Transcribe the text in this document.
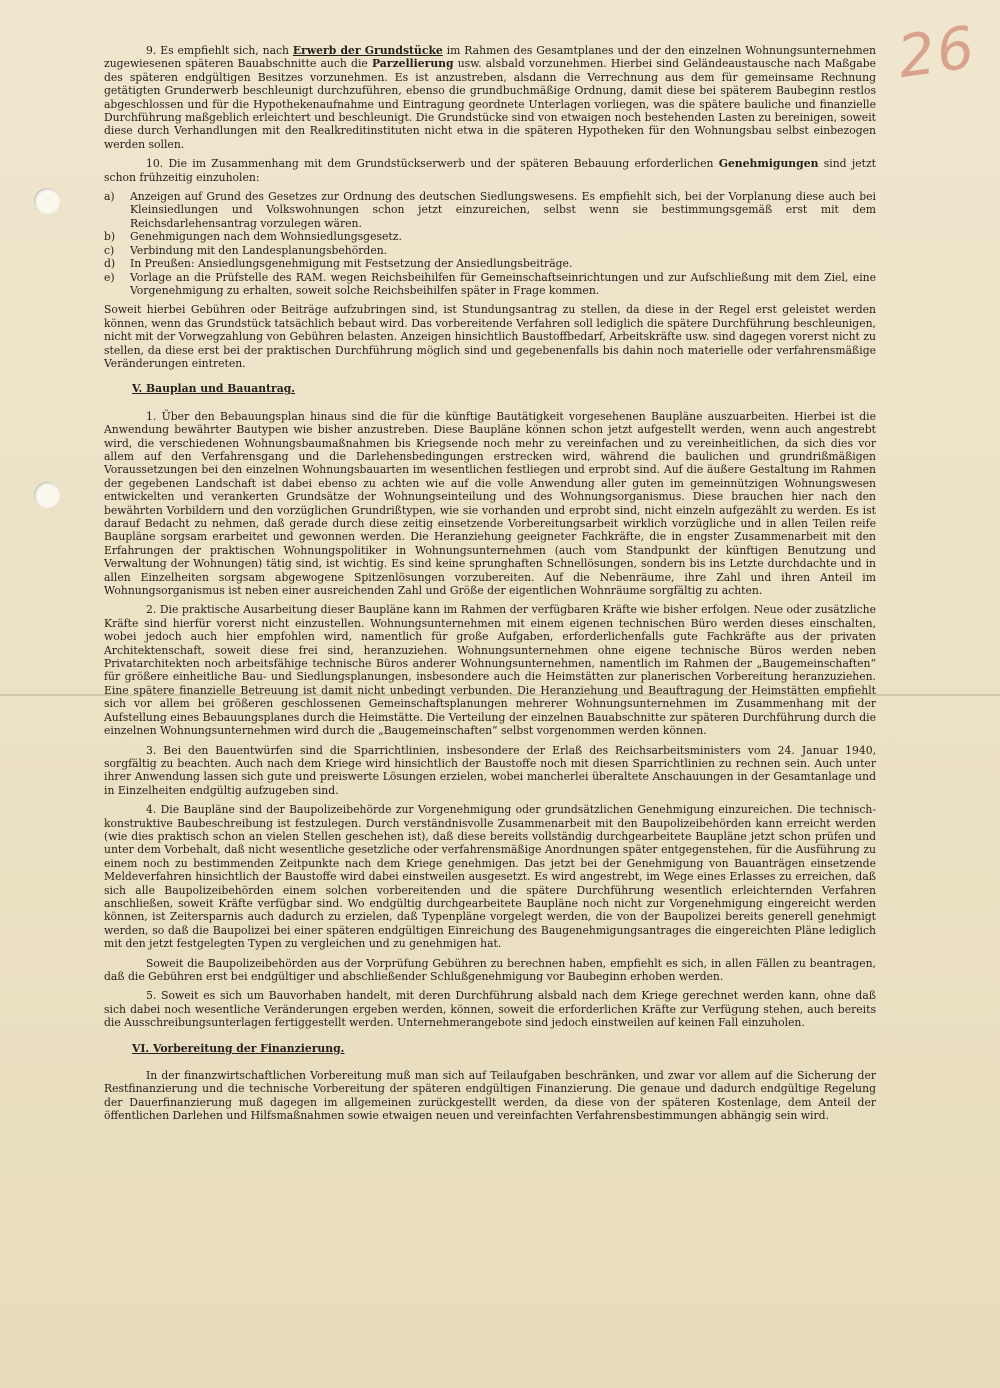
26

9. Es empfiehlt sich, nach Erwerb der Grundstücke im Rahmen des Gesamtplanes und der den einzelnen Wohnungsunternehmen zugewiesenen späteren Bauabschnitte auch die Parzellierung usw. alsbald vorzunehmen. Hierbei sind Geländeaustausche nach Maßgabe des späteren endgültigen Besitzes vorzunehmen. Es ist anzustreben, alsdann die Verrechnung aus dem für gemeinsame Rechnung getätigten Grunderwerb beschleunigt durchzuführen, ebenso die grundbuchmäßige Ordnung, damit diese bei späterem Baubeginn restlos abgeschlossen und für die Hypothekenaufnahme und Eintragung geordnete Unterlagen vorliegen, was die spätere bauliche und finanzielle Durchführung maßgeblich erleichtert und beschleunigt. Die Grundstücke sind von etwaigen noch bestehenden Lasten zu bereinigen, soweit diese durch Verhandlungen mit den Realkreditinstituten nicht etwa in die späteren Hypotheken für den Wohnungsbau selbst einbezogen werden sollen.

10. Die im Zusammenhang mit dem Grundstückserwerb und der späteren Bebauung erforderlichen Genehmigungen sind jetzt schon frühzeitig einzuholen:

a) Anzeigen auf Grund des Gesetzes zur Ordnung des deutschen Siedlungswesens. Es empfiehlt sich, bei der Vorplanung diese auch bei Kleinsiedlungen und Volkswohnungen schon jetzt einzureichen, selbst wenn sie bestimmungsgemäß erst mit dem Reichsdarlehensantrag vorzulegen wären.
b) Genehmigungen nach dem Wohnsiedlungsgesetz.
c) Verbindung mit den Landesplanungsbehörden.
d) In Preußen: Ansiedlungsgenehmigung mit Festsetzung der Ansiedlungsbeiträge.
e) Vorlage an die Prüfstelle des RAM. wegen Reichsbeihilfen für Gemeinschaftseinrichtungen und zur Aufschließung mit dem Ziel, eine Vorgenehmigung zu erhalten, soweit solche Reichsbeihilfen später in Frage kommen.

Soweit hierbei Gebühren oder Beiträge aufzubringen sind, ist Stundungsantrag zu stellen, da diese in der Regel erst geleistet werden können, wenn das Grundstück tatsächlich bebaut wird. Das vorbereitende Verfahren soll lediglich die spätere Durchführung beschleunigen, nicht mit der Vorwegzahlung von Gebühren belasten. Anzeigen hinsichtlich Baustoffbedarf, Arbeitskräfte usw. sind dagegen vorerst nicht zu stellen, da diese erst bei der praktischen Durchführung möglich sind und gegebenenfalls bis dahin noch materielle oder verfahrensmäßige Veränderungen eintreten.

V. Bauplan und Bauantrag.

1. Über den Bebauungsplan hinaus sind die für die künftige Bautätigkeit vorgesehenen Baupläne auszuarbeiten. Hierbei ist die Anwendung bewährter Bautypen wie bisher anzustreben. Diese Baupläne können schon jetzt aufgestellt werden, wenn auch angestrebt wird, die verschiedenen Wohnungsbaumaßnahmen bis Kriegsende noch mehr zu vereinfachen und zu vereinheitlichen, da sich dies vor allem auf den Verfahrensgang und die Darlehensbedingungen erstrecken wird, während die baulichen und grundrißmäßigen Voraussetzungen bei den einzelnen Wohnungsbauarten im wesentlichen festliegen und erprobt sind. Auf die äußere Gestaltung im Rahmen der gegebenen Landschaft ist dabei ebenso zu achten wie auf die volle Anwendung aller guten im gemeinnützigen Wohnungswesen entwickelten und verankerten Grundsätze der Wohnungseinteilung und des Wohnungsorganismus. Diese brauchen hier nach den bewährten Vorbildern und den vorzüglichen Grundrißtypen, wie sie vorhanden und erprobt sind, nicht einzeln aufgezählt zu werden. Es ist darauf Bedacht zu nehmen, daß gerade durch diese zeitig einsetzende Vorbereitungsarbeit wirklich vorzügliche und in allen Teilen reife Baupläne sorgsam erarbeitet und gewonnen werden. Die Heranziehung geeigneter Fachkräfte, die in engster Zusammenarbeit mit den Erfahrungen der praktischen Wohnungspolitiker in Wohnungsunternehmen (auch vom Standpunkt der künftigen Benutzung und Verwaltung der Wohnungen) tätig sind, ist wichtig. Es sind keine sprunghaften Schnellösungen, sondern bis ins Letzte durchdachte und in allen Einzelheiten sorgsam abgewogene Spitzenlösungen vorzubereiten. Auf die Nebenräume, ihre Zahl und ihren Anteil im Wohnungsorganismus ist neben einer ausreichenden Zahl und Größe der eigentlichen Wohnräume sorgfältig zu achten.

2. Die praktische Ausarbeitung dieser Baupläne kann im Rahmen der verfügbaren Kräfte wie bisher erfolgen. Neue oder zusätzliche Kräfte sind hierfür vorerst nicht einzustellen. Wohnungsunternehmen mit einem eigenen technischen Büro werden dieses einschalten, wobei jedoch auch hier empfohlen wird, namentlich für große Aufgaben, erforderlichenfalls gute Fachkräfte aus der privaten Architektenschaft, soweit diese frei sind, heranzuziehen. Wohnungsunternehmen ohne eigene technische Büros werden neben Privatarchitekten noch arbeitsfähige technische Büros anderer Wohnungsunternehmen, namentlich im Rahmen der „Baugemeinschaften“ für größere einheitliche Bau- und Siedlungsplanungen, insbesondere auch die Heimstätten zur planerischen Vorbereitung heranzuziehen. Eine spätere finanzielle Betreuung ist damit nicht unbedingt verbunden. Die Heranziehung und Beauftragung der Heimstätten empfiehlt sich vor allem bei größeren geschlossenen Gemeinschaftsplanungen mehrerer Wohnungsunternehmen im Zusammenhang mit der Aufstellung eines Bebauungsplanes durch die Heimstätte. Die Verteilung der einzelnen Bauabschnitte zur späteren Durchführung durch die einzelnen Wohnungsunternehmen wird durch die „Baugemeinschaften“ selbst vorgenommen werden können.

3. Bei den Bauentwürfen sind die Sparrichtlinien, insbesondere der Erlaß des Reichsarbeitsministers vom 24. Januar 1940, sorgfältig zu beachten. Auch nach dem Kriege wird hinsichtlich der Baustoffe noch mit diesen Sparrichtlinien zu rechnen sein. Auch unter ihrer Anwendung lassen sich gute und preiswerte Lösungen erzielen, wobei mancherlei überaltete Anschauungen in der Gesamtanlage und in Einzelheiten endgültig aufzugeben sind.

4. Die Baupläne sind der Baupolizeibehörde zur Vorgenehmigung oder grundsätzlichen Genehmigung einzureichen. Die technisch-konstruktive Baubeschreibung ist festzulegen. Durch verständnisvolle Zusammenarbeit mit den Baupolizeibehörden kann erreicht werden (wie dies praktisch schon an vielen Stellen geschehen ist), daß diese bereits vollständig durchgearbeitete Baupläne jetzt schon prüfen und unter dem Vorbehalt, daß nicht wesentliche gesetzliche oder verfahrensmäßige Anordnungen später entgegenstehen, für die Ausführung zu einem noch zu bestimmenden Zeitpunkte nach dem Kriege genehmigen. Das jetzt bei der Genehmigung von Bauanträgen einsetzende Meldeverfahren hinsichtlich der Baustoffe wird dabei einstweilen ausgesetzt. Es wird angestrebt, im Wege eines Erlasses zu erreichen, daß sich alle Baupolizeibehörden einem solchen vorbereitenden und die spätere Durchführung wesentlich erleichternden Verfahren anschließen, soweit Kräfte verfügbar sind. Wo endgültig durchgearbeitete Baupläne noch nicht zur Vorgenehmigung eingereicht werden können, ist Zeitersparnis auch dadurch zu erzielen, daß Typenpläne vorgelegt werden, die von der Baupolizei bereits generell genehmigt werden, so daß die Baupolizei bei einer späteren endgültigen Einreichung des Baugenehmigungsantrages die eingereichten Pläne lediglich mit den jetzt festgelegten Typen zu vergleichen und zu genehmigen hat.

Soweit die Baupolizeibehörden aus der Vorprüfung Gebühren zu berechnen haben, empfiehlt es sich, in allen Fällen zu beantragen, daß die Gebühren erst bei endgültiger und abschließender Schlußgenehmigung vor Baubeginn erhoben werden.

5. Soweit es sich um Bauvorhaben handelt, mit deren Durchführung alsbald nach dem Kriege gerechnet werden kann, ohne daß sich dabei noch wesentliche Veränderungen ergeben werden, können, soweit die erforderlichen Kräfte zur Verfügung stehen, auch bereits die Ausschreibungsunterlagen fertiggestellt werden. Unternehmerangebote sind jedoch einstweilen auf keinen Fall einzuholen.

VI. Vorbereitung der Finanzierung.

In der finanzwirtschaftlichen Vorbereitung muß man sich auf Teilaufgaben beschränken, und zwar vor allem auf die Sicherung der Restfinanzierung und die technische Vorbereitung der späteren endgültigen Finanzierung. Die genaue und dadurch endgültige Regelung der Dauerfinanzierung muß dagegen im allgemeinen zurückgestellt werden, da diese von der späteren Kostenlage, dem Anteil der öffentlichen Darlehen und Hilfsmaßnahmen sowie etwaigen neuen und vereinfachten Verfahrensbestimmungen abhängig sein wird.
